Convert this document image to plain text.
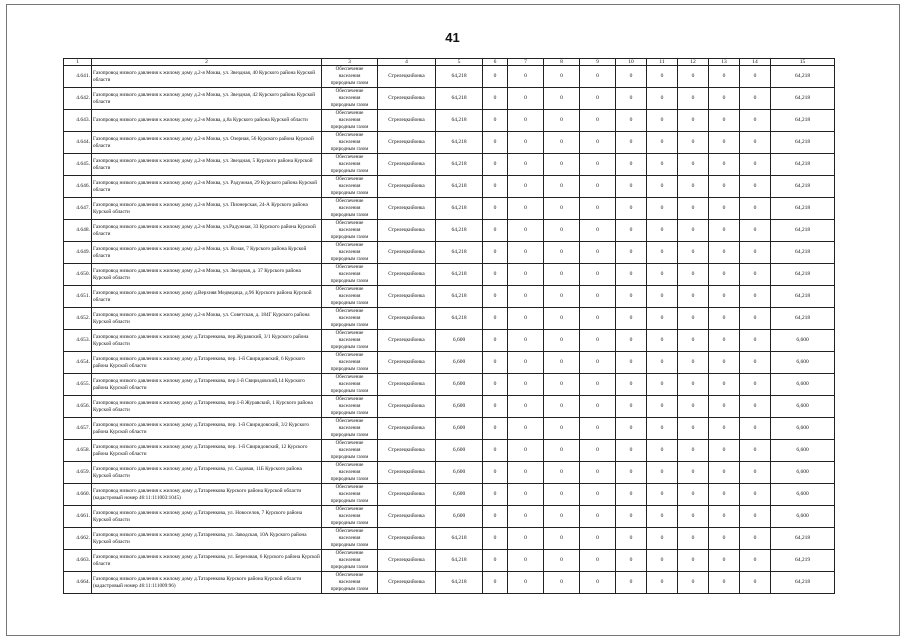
41
1	2	3	4	5	6	7	8	9	10	11	12	13	14	15
4.641.	Газопровод низкого давления к жилому дому д.2-я Моква, ул. Звездная, 40 Курского района Курской области	Обеспечение
населения
природным газом	Стрелецкийонка	64,218	0	0	0	0	0	0	0	0	0	64,218
4.642.	Газопровод низкого давления к жилому дому д.2-я Моква, ул. Звездная, 42 Курского района Курской области	Обеспечение
населения
природным газом	Стрелецкийонка	64,218	0	0	0	0	0	0	0	0	0	64,218
4.643.	Газопровод низкого давления к жилому дому д.2-я Моква, д.8а Курского района Курской области	Обеспечение
населения
природным газом	Стрелецкийонка	64,218	0	0	0	0	0	0	0	0	0	64,218
4.644.	Газопровод низкого давления к жилому дому д.2-я Моква, ул. Озерная, 56 Курского района Курской области	Обеспечение
населения
природным газом	Стрелецкийонка	64,218	0	0	0	0	0	0	0	0	0	64,218
4.645.	Газопровод низкого давления к жилому дому д.2-я Моква, ул. Звездная, 5 Курского района Курской области	Обеспечение
населения
природным газом	Стрелецкийонка	64,218	0	0	0	0	0	0	0	0	0	64,218
4.646.	Газопровод низкого давления к жилому дому д.2-я Моква, ул. Радужная, 29 Курского района Курской области	Обеспечение
населения
природным газом	Стрелецкийонка	64,218	0	0	0	0	0	0	0	0	0	64,218
4.647.	Газопровод низкого давления к жилому дому д.2-я Моква, ул. Пионерская, 24-А Курского района Курской области	Обеспечение
населения
природным газом	Стрелецкийонка	64,218	0	0	0	0	0	0	0	0	0	64,218
4.648.	Газопровод низкого давления к жилому дому д.2-я Моква, ул.Радужная, 33 Курского района Курской области	Обеспечение
населения
природным газом	Стрелецкийонка	64,218	0	0	0	0	0	0	0	0	0	64,218
4.649.	Газопровод низкого давления к жилому дому д.2-я Моква, ул. Ясная, 7 Курского района Курской области	Обеспечение
населения
природным газом	Стрелецкийонка	64,218	0	0	0	0	0	0	0	0	0	64,218
4.650.	Газопровод низкого давления к жилому дому д.2-я Моква, ул. Звездная, д. 37 Курского района Курской области	Обеспечение
населения
природным газом	Стрелецкийонка	64,218	0	0	0	0	0	0	0	0	0	64,218
4.651.	Газопровод низкого давления к жилому дому д.Верхняя Медведица, д.96 Курского района Курской области	Обеспечение
населения
природным газом	Стрелецкийонка	64,218	0	0	0	0	0	0	0	0	0	64,218
4.652.	Газопровод низкого давления к жилому дому д.2-я Моква, ул. Советская, д. 184Г Курского района Курской области	Обеспечение
населения
природным газом	Стрелецкийонка	64,218	0	0	0	0	0	0	0	0	0	64,218
4.653.	Газопровод низкого давления к жилому дому д.Татаренкова, пер.Журавский, 3/1 Курского района Курской области	Обеспечение
населения
природным газом	Стрелецкийонка	6,600	0	0	0	0	0	0	0	0	0	6,600
4.654.	Газопровод низкого давления к жилому дому д.Татаренкова, пер. 1-й Свиридовский, 6 Курского района Курской области	Обеспечение
населения
природным газом	Стрелецкийонка	6,600	0	0	0	0	0	0	0	0	0	6,600
4.655.	Газопровод низкого давления к жилому дому д.Татаренкова, пер.1-й Свиридовский,14 Курского района Курской области	Обеспечение
населения
природным газом	Стрелецкийонка	6,600	0	0	0	0	0	0	0	0	0	6,600
4.656.	Газопровод низкого давления к жилому дому д.Татаренкова, пер.1-й Журавский, 1 Курского района Курской области	Обеспечение
населения
природным газом	Стрелецкийонка	6,600	0	0	0	0	0	0	0	0	0	6,600
4.657.	Газопровод низкого давления к жилому дому д.Татаренкова, пер. 1-й Свиридовский, 3/2 Курского района Курской области	Обеспечение
населения
природным газом	Стрелецкийонка	6,600	0	0	0	0	0	0	0	0	0	6,600
4.658.	Газопровод низкого давления к жилому дому д.Татаренкова, пер. 1-й Свиридовский, 12 Курского района Курской области	Обеспечение
населения
природным газом	Стрелецкийонка	6,600	0	0	0	0	0	0	0	0	0	6,600
4.659.	Газопровод низкого давления к жилому дому д.Татаренкова, ул. Садовая, 11Б Курского района Курской области	Обеспечение
населения
природным газом	Стрелецкийонка	6,600	0	0	0	0	0	0	0	0	0	6,600
4.660.	Газопровод низкого давления к жилому дому д.Татаренкова Курского района Курской области (кадастровый номер 46:11:111003:1045)	Обеспечение
населения
природным газом	Стрелецкийонка	6,600	0	0	0	0	0	0	0	0	0	6,600
4.661.	Газопровод низкого давления к жилому дому д.Татаренкова, ул. Новоселов, 7 Курского района Курской области	Обеспечение
населения
природным газом	Стрелецкийонка	6,600	0	0	0	0	0	0	0	0	0	6,600
4.662.	Газопровод низкого давления к жилому дому д.Татаренкова, ул. Заводская, 10А Курского района Курской области	Обеспечение
населения
природным газом	Стрелецкийонка	64,218	0	0	0	0	0	0	0	0	0	64,218
4.663.	Газопровод низкого давления к жилому дому д.Татаренкова, ул. Березовая, 6 Курского района Курской области	Обеспечение
населения
природным газом	Стрелецкийонка	64,218	0	0	0	0	0	0	0	0	0	64,219
4.664.	Газопровод низкого давления к жилому дому д.Татаренкова Курского района Курской области (кадастровый номер 46:11:111009:96)	Обеспечение
населения
природным газом	Стрелецкийонка	64,218	0	0	0	0	0	0	0	0	0	64,218
